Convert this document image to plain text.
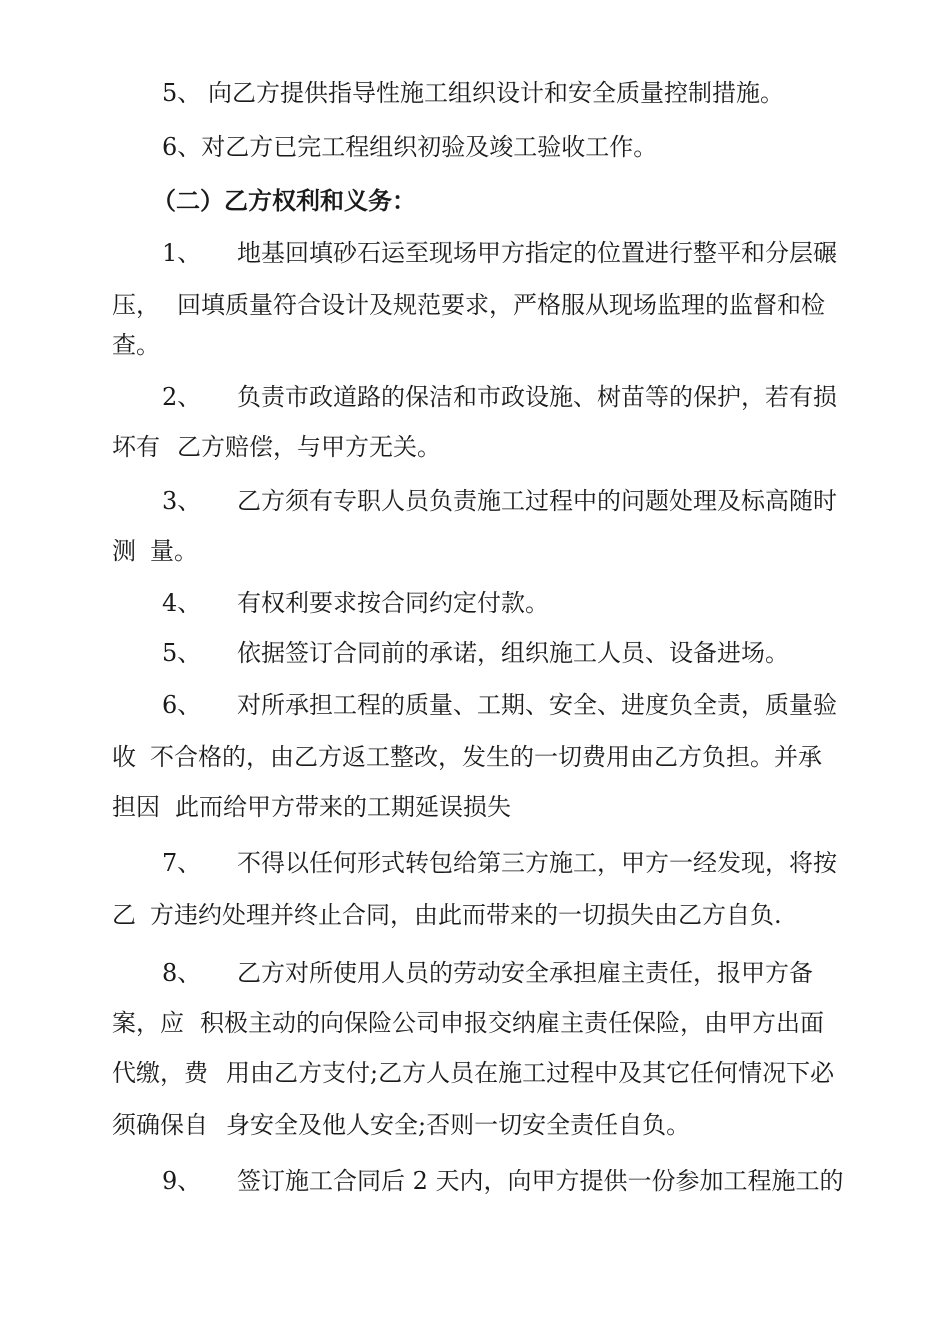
5、 向乙方提供指导性施工组织设计和安全质量控制措施。
6、对乙方已完工程组织初验及竣工验收工作。
（二）乙方权利和义务：
1、 地基回填砂石运至现场甲方指定的位置进行整平和分层碾
压， 回填质量符合设计及规范要求，严格服从现场监理的监督和检
查。
2、 负责市政道路的保洁和市政设施、树苗等的保护，若有损
坏有 乙方赔偿，与甲方无关。
3、 乙方须有专职人员负责施工过程中的问题处理及标高随时
测 量。
4、 有权利要求按合同约定付款。
5、 依据签订合同前的承诺，组织施工人员、设备进场。
6、 对所承担工程的质量、工期、安全、进度负全责，质量验
收 不合格的，由乙方返工整改，发生的一切费用由乙方负担。并承
担因 此而给甲方带来的工期延误损失
7、 不得以任何形式转包给第三方施工，甲方一经发现，将按
乙 方违约处理并终止合同，由此而带来的一切损失由乙方自负.
8、 乙方对所使用人员的劳动安全承担雇主责任，报甲方备
案，应 积极主动的向保险公司申报交纳雇主责任保险，由甲方出面
代缴，费 用由乙方支付;乙方人员在施工过程中及其它任何情况下必
须确保自 身安全及他人安全;否则一切安全责任自负。
9、 签订施工合同后 2 天内，向甲方提供一份参加工程施工的
